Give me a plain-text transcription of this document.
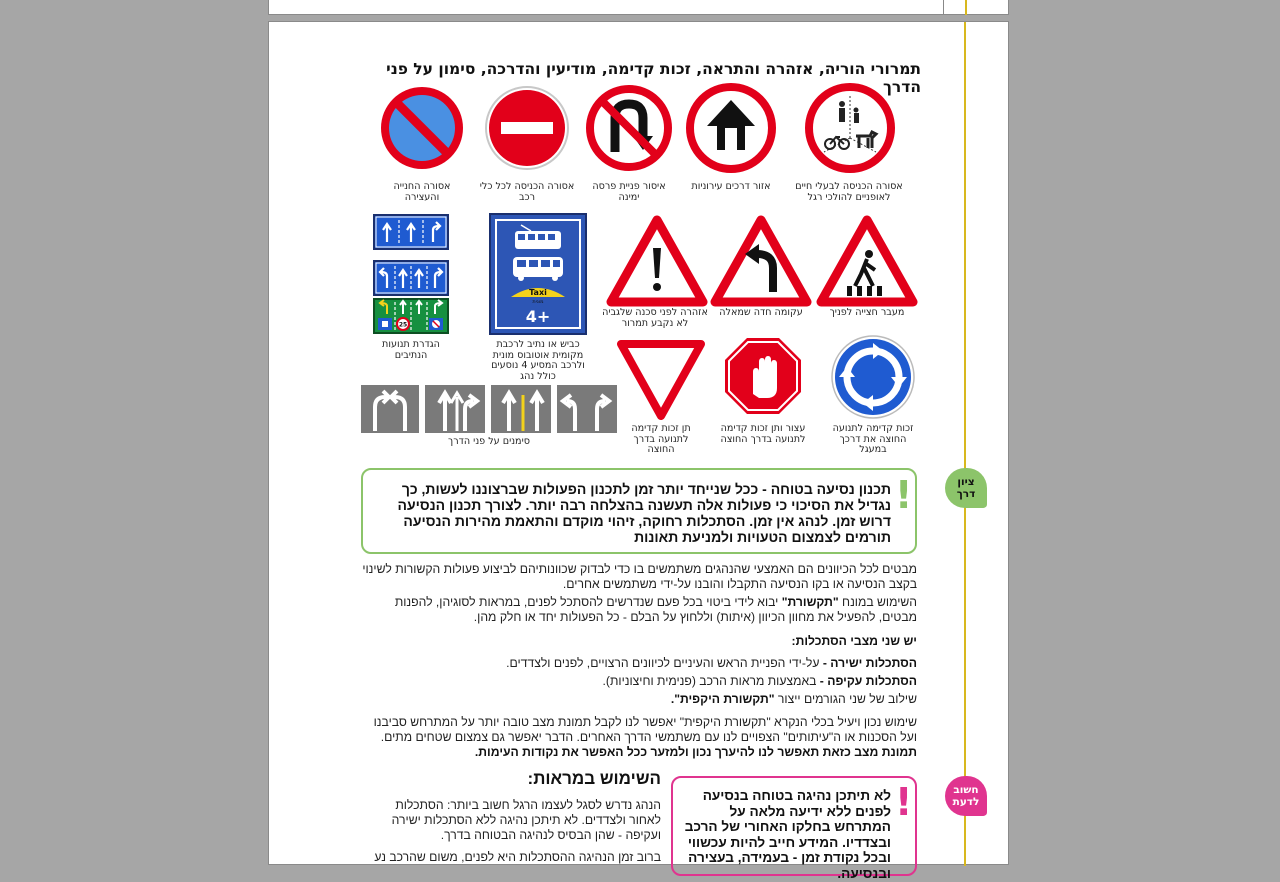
תמרורי הוריה, אזהרה והתראה, זכות קדימה, מודיעין והדרכה, סימון על פני הדרך
אסורה הכניסה לבעלי חיים לאופניים להולכי רגל
אזור דרכים עירוניות
איסור פניית פרסה ימינה
אסורה הכניסה לכל כלי רכב
אסורה החנייה והעצירה
מעבר חצייה לפניך
עקומה חדה שמאלה
אזהרה לפני סכנה שלגביה לא נקבע תמרור
Taxi
מונית
4+
כביש או נתיב לרכבת מקומית אוטובוס מונית ולרכב המסיע 4 נוסעים כולל נהג
25
הגדרת תנועות הנתיבים
זכות קדימה לתנועה החוצה את דרכך במעגל
עצור ותן זכות קדימה לתנועה בדרך החוצה
תן זכות קדימה לתנועה בדרך החוצה
סימנים על פני הדרך
ציון דרך
!
תכנון נסיעה בטוחה - ככל שנייחד יותר זמן לתכנון הפעולות שברצוננו לעשות, כך נגדיל את הסיכוי כי פעולות אלה תעשנה בהצלחה רבה יותר. לצורך תכנון הנסיעה דרוש זמן. לנהג אין זמן. הסתכלות רחוקה, זיהוי מוקדם והתאמת מהירות הנסיעה תורמים לצמצום הטעויות ולמניעת תאונות
מבטים לכל הכיוונים הם האמצעי שהנהגים משתמשים בו כדי לבדוק שכוונותיהם לביצוע פעולות הקשורות לשינוי בקצב הנסיעה או בקו הנסיעה התקבלו והובנו על-ידי משתמשים אחרים.
השימוש במונח "תקשורת" יבוא לידי ביטוי בכל פעם שנדרשים להסתכל לפנים, במראות לסוגיהן, להפנות מבטים, להפעיל את מחוון הכיוון (איתות) וללחוץ על הבלם - כל הפעולות יחד או חלק מהן.
יש שני מצבי הסתכלות:
הסתכלות ישירה - על-ידי הפניית הראש והעיניים לכיוונים הרצויים, לפנים ולצדדים.
הסתכלות עקיפה - באמצעות מראות הרכב (פנימית וחיצוניות).
שילוב של שני הגורמים ייצור "תקשורת היקפית".
שימוש נכון ויעיל בכלי הנקרא "תקשורת היקפית" יאפשר לנו לקבל תמונת מצב טובה יותר על המתרחש סביבנו ועל הסכנות או ה"עיתותים" הצפויים לנו עם משתמשי הדרך האחרים. הדבר יאפשר גם צמצום שטחים מתים. תמונת מצב כזאת תאפשר לנו להיערך נכון ולמזער ככל האפשר את נקודות העימות.
חשוב לדעת
!
לא תיתכן נהיגה בטוחה בנסיעה לפנים ללא ידיעה מלאה על המתרחש בחלקו האחורי של הרכב ובצדדיו. המידע חייב להיות עכשווי ובכל נקודת זמן - בעמידה, בעצירה ובנסיעה.
השימוש במראות:
הנהג נדרש לסגל לעצמו הרגל חשוב ביותר: הסתכלות לאחור ולצדדים. לא תיתכן נהיגה ללא הסתכלות ישירה ועקיפה - שהן הבסיס לנהיגה הבטוחה בדרך.
ברוב זמן הנהיגה ההסתכלות היא לפנים, משום שהרכב נע
